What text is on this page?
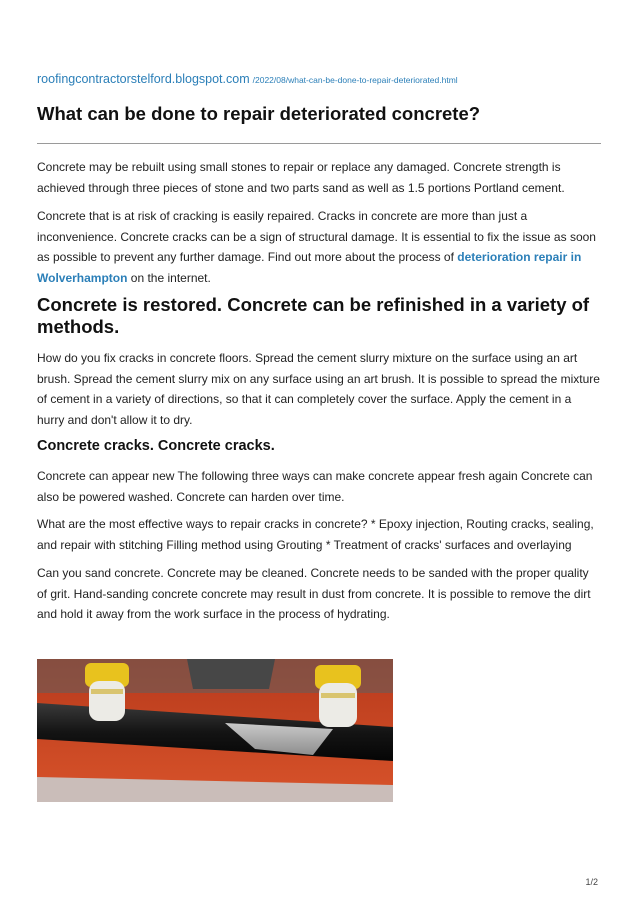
roofingcontractorstelford.blogspot.com /2022/08/what-can-be-done-to-repair-deteriorated.html
What can be done to repair deteriorated concrete?

Concrete may be rebuilt using small stones to repair or replace any damaged. Concrete strength is achieved through three pieces of stone and two parts sand as well as 1.5 portions Portland cement.

Concrete that is at risk of cracking is easily repaired. Cracks in concrete are more than just a inconvenience. Concrete cracks can be a sign of structural damage. It is essential to fix the issue as soon as possible to prevent any further damage. Find out more about the process of deterioration repair in Wolverhampton on the internet.

Concrete is restored. Concrete can be refinished in a variety of methods.

How do you fix cracks in concrete floors. Spread the cement slurry mixture on the surface using an art brush. Spread the cement slurry mix on any surface using an art brush. It is possible to spread the mixture of cement in a variety of directions, so that it can completely cover the surface. Apply the cement in a hurry and don't allow it to dry.

Concrete cracks. Concrete cracks.

Concrete can appear new The following three ways can make concrete appear fresh again Concrete can also be powered washed. Concrete can harden over time.

What are the most effective ways to repair cracks in concrete? * Epoxy injection, Routing cracks, sealing, and repair with stitching Filling method using Grouting * Treatment of cracks' surfaces and overlaying

Can you sand concrete. Concrete may be cleaned. Concrete needs to be sanded with the proper quality of grit. Hand-sanding concrete concrete may result in dust from concrete. It is possible to remove the dirt and hold it away from the work surface in the process of hydrating.

1/2
